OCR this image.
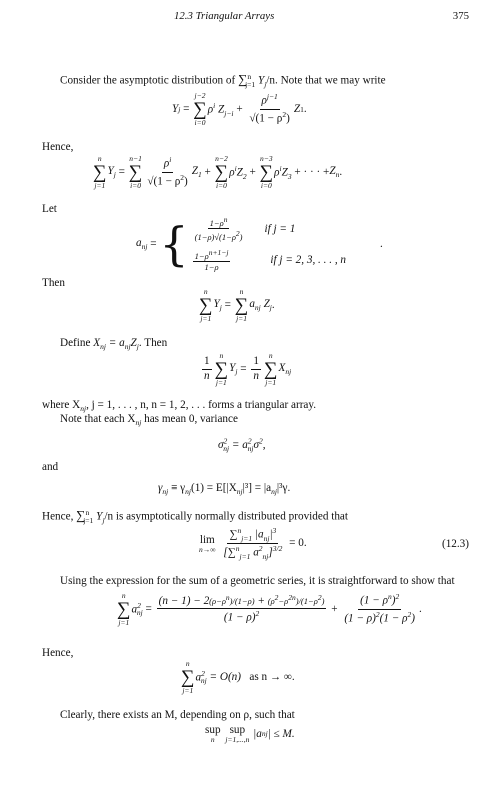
12.3 Triangular Arrays	375
Consider the asymptotic distribution of ∑$^n_{j=1}$ $Y_j/n$. Note that we may write
Y j =
j−2
∑
i=0
$\rho^i$ $Z_{j-i} + \frac{\rho^{j-1}}{√(1 - \rho^2)}$ Z 1 .
Hence,
n
∑
j=1
$Y_j$ =
n−1
∑
$i=0 \frac{\rho^i}{√(1 - \rho^2)} Z_1$ +
n−2
∑
i=0
$\rho^iZ_2$ +
n−3
∑
i=0
$\rho^iZ_3$ + · · · + $Z_n$ .
Let
$a_{nj}$ = { $\frac{1-\rho^n}{(1-\rho)√(1-\rho^2)}$ if j = 1
$\frac{1-\rho^{n+1-j}}{1-\rho}$	if j = 2, 3, . . . , n
.
Then
n
∑
j=1
$Y_j$ =
n
∑
j=1
$a_{nj}$ $Z_j$ .
Define $X_{nj} = a_{nj}Z_j$. Then
$\frac{1}{n}$ n
∑
j=1
$Y_j = \frac{1}{n}$ n
∑
j=1
$X_{nj}$
where $X_{nj}$, j = 1, . . . , n, n = 1, 2, . . . forms a triangular array.
Note that each $X_{nj}$ has mean 0, variance
$\sigma^2_{nj} = a^2_{nj}\sigma^2$,
and
$\gamma_{nj} \equiv \gamma_{nj}(1) = E[|X_{nj}|^3] = |a_{nj}|^3\gamma$.
Hence, ∑$^n_{j=1}$ $Y_j/n$ is asymptotically normally distributed provided that
lim
n→∞
$\frac{\sum^n_{j=1} |a_{nj}|^3}{[\sum^n_{j=1} a^2_{nj}]^{3/2}} = 0$.	(12.3)
Using the expression for the sum of a geometric series, it is straightforward to show that
n
∑
j=1
$a^2_{nj} = \frac{(n - 1) - 2(\rho-\rho^n)/(1-\rho) + (\rho^2-\rho^{2n})/(1-\rho^2)}{(1 - \rho)^2} + \frac{(1 - \rho^n)^2}{(1 - \rho)^2(1 - \rho^2)}$ .
Hence,
n
∑
j=1
$a^2_{nj}$
= O(n)
as n → ∞.
Clearly, there exists an M, depending on ρ, such that
sup
n

sup
j=1,...,n
|a nj | ≤ M.
